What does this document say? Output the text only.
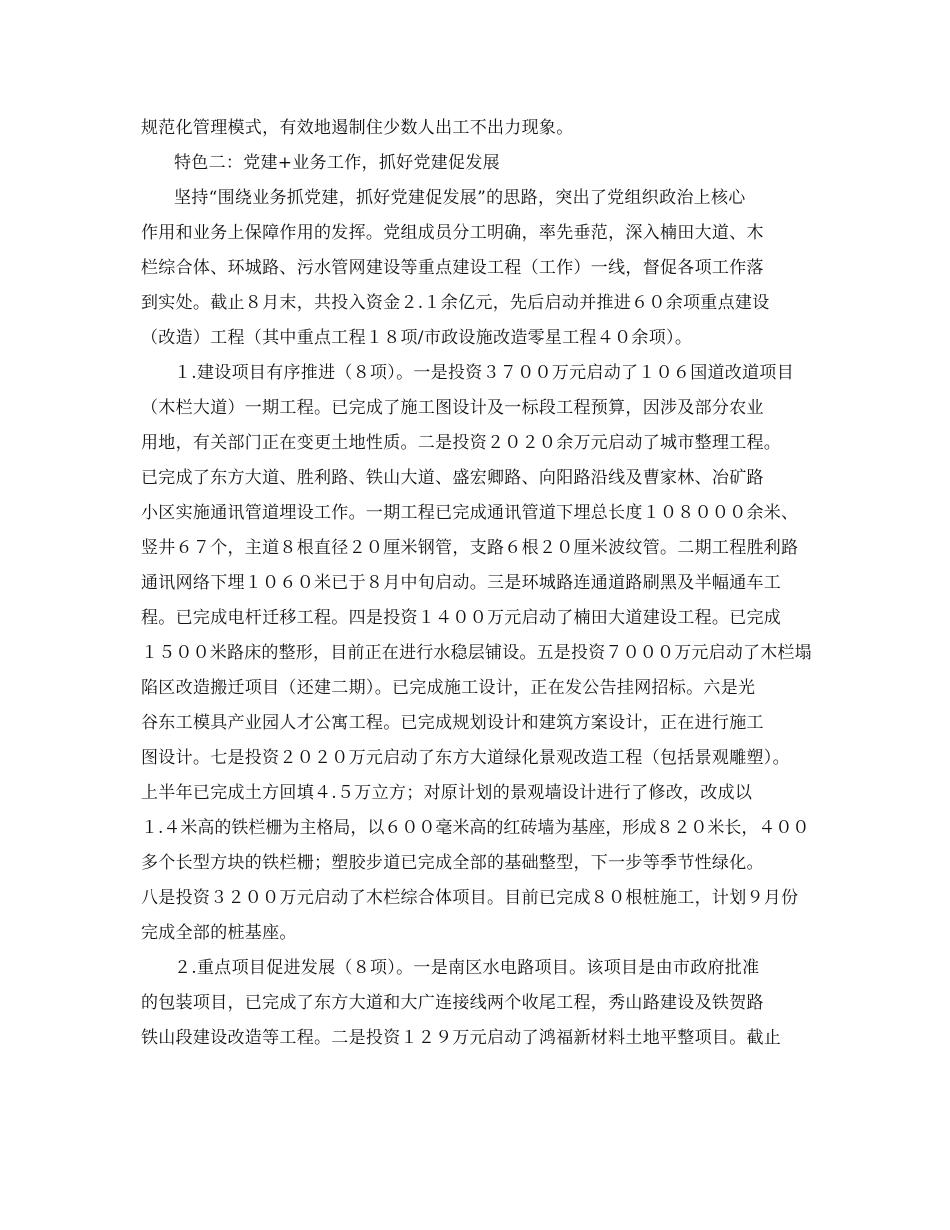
规范化管理模式，有效地遏制住少数人出工不出力现象。
特色二：党建+业务工作，抓好党建促发展
坚持“围绕业务抓党建，抓好党建促发展”的思路，突出了党组织政治上核心
作用和业务上保障作用的发挥。党组成员分工明确，率先垂范，深入楠田大道、木
栏综合体、环城路、污水管网建设等重点建设工程（工作）一线，督促各项工作落
到实处。截止８月末，共投入资金２.１余亿元，先后启动并推进６０余项重点建设
（改造）工程（其中重点工程１８项/市政设施改造零星工程４０余项）。
１.建设项目有序推进（８项）。一是投资３７００万元启动了１０６国道改道项目
（木栏大道）一期工程。已完成了施工图设计及一标段工程预算，因涉及部分农业
用地，有关部门正在变更土地性质。二是投资２０２０余万元启动了城市整理工程。
已完成了东方大道、胜利路、铁山大道、盛宏卿路、向阳路沿线及曹家林、冶矿路
小区实施通讯管道埋设工作。一期工程已完成通讯管道下埋总长度１０８０００余米、
竖井６７个，主道８根直径２０厘米钢管，支路６根２０厘米波纹管。二期工程胜利路
通讯网络下埋１０６０米已于８月中旬启动。三是环城路连通道路刷黑及半幅通车工
程。已完成电杆迁移工程。四是投资１４００万元启动了楠田大道建设工程。已完成
１５００米路床的整形，目前正在进行水稳层铺设。五是投资７０００万元启动了木栏塌
陷区改造搬迁项目（还建二期）。已完成施工设计，正在发公告挂网招标。六是光
谷东工模具产业园人才公寓工程。已完成规划设计和建筑方案设计，正在进行施工
图设计。七是投资２０２０万元启动了东方大道绿化景观改造工程（包括景观雕塑）。
上半年已完成土方回填４.５万立方；对原计划的景观墙设计进行了修改，改成以
１.４米高的铁栏栅为主格局，以６００毫米高的红砖墙为基座，形成８２０米长，４００
多个长型方块的铁栏栅；塑胶步道已完成全部的基础整型，下一步等季节性绿化。
八是投资３２００万元启动了木栏综合体项目。目前已完成８０根桩施工，计划９月份
完成全部的桩基座。
２.重点项目促进发展（８项）。一是南区水电路项目。该项目是由市政府批准
的包装项目，已完成了东方大道和大广连接线两个收尾工程，秀山路建设及铁贺路
铁山段建设改造等工程。二是投资１２９万元启动了鸿福新材料土地平整项目。截止
